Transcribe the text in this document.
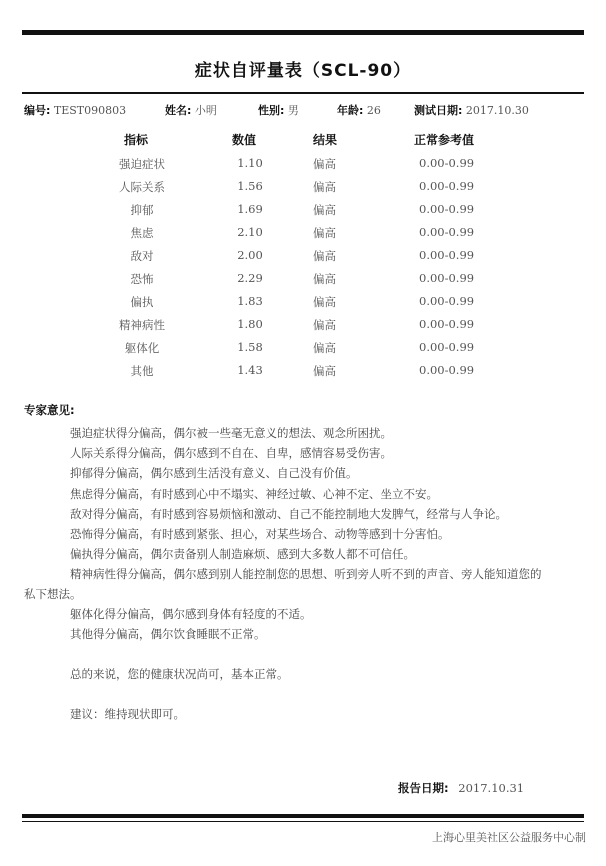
症状自评量表（SCL-90）
编号: TEST090803	姓名: 小明	性别: 男	年龄: 26	测试日期: 2017.10.30
指标	数值	结果	正常参考值
强迫症状	1.10	偏高	0.00-0.99
人际关系	1.56	偏高	0.00-0.99
抑郁	1.69	偏高	0.00-0.99
焦虑	2.10	偏高	0.00-0.99
敌对	2.00	偏高	0.00-0.99
恐怖	2.29	偏高	0.00-0.99
偏执	1.83	偏高	0.00-0.99
精神病性	1.80	偏高	0.00-0.99
躯体化	1.58	偏高	0.00-0.99
其他	1.43	偏高	0.00-0.99
专家意见:
强迫症状得分偏高，偶尔被一些毫无意义的想法、观念所困扰。
人际关系得分偏高，偶尔感到不自在、自卑，感情容易受伤害。
抑郁得分偏高，偶尔感到生活没有意义、自己没有价值。
焦虑得分偏高，有时感到心中不塌实、神经过敏、心神不定、坐立不安。
敌对得分偏高，有时感到容易烦恼和激动、自己不能控制地大发脾气，经常与人争论。
恐怖得分偏高，有时感到紧张、担心，对某些场合、动物等感到十分害怕。
偏执得分偏高，偶尔责备别人制造麻烦、感到大多数人都不可信任。
精神病性得分偏高，偶尔感到别人能控制您的思想、听到旁人听不到的声音、旁人能知道您的
私下想法。
躯体化得分偏高，偶尔感到身体有轻度的不适。
其他得分偏高，偶尔饮食睡眠不正常。
总的来说，您的健康状况尚可，基本正常。
建议：维持现状即可。
报告日期: 2017.10.31
上海心里美社区公益服务中心制
